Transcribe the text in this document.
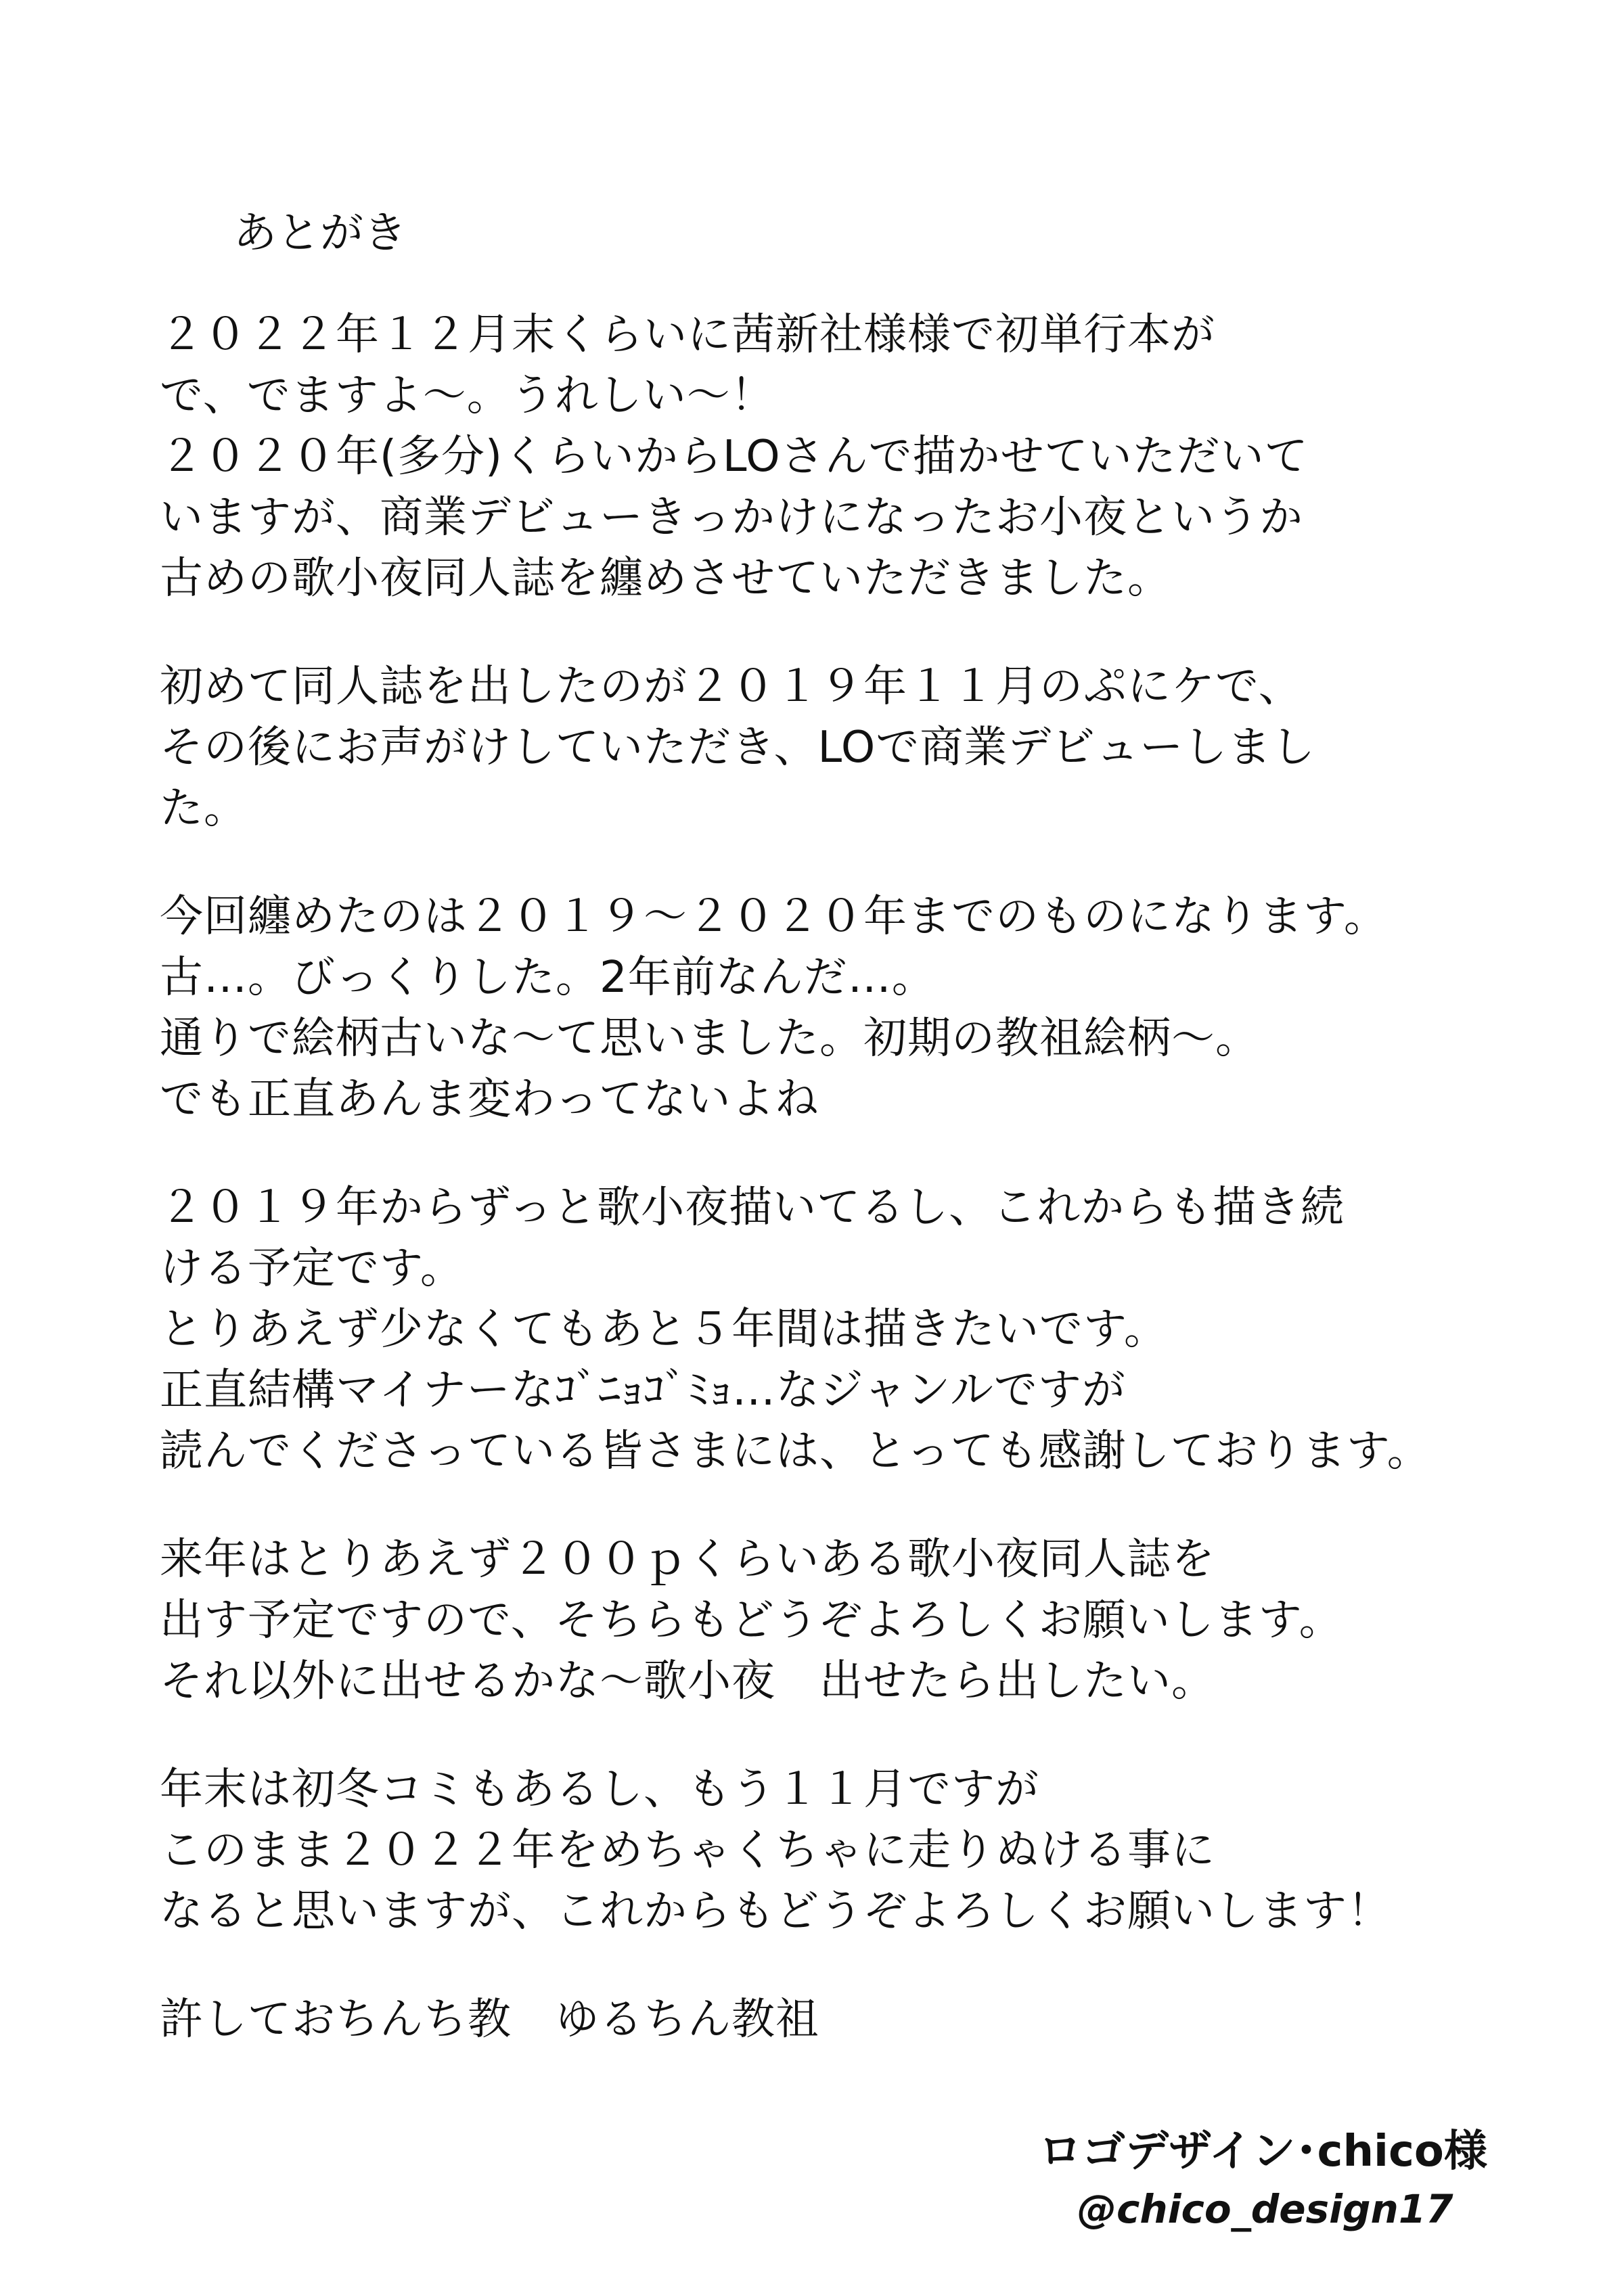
あとがき
２０２２年１２月末くらいに茜新社様様で初単行本が
で、でますよ〜。うれしい〜！
２０２０年(多分)くらいからLOさんで描かせていただいて
いますが、商業デビューきっかけになったお小夜というか
古めの歌小夜同人誌を纏めさせていただきました。
初めて同人誌を出したのが２０１９年１１月のぷにケで、
その後にお声がけしていただき、LOで商業デビューしまし
た。
今回纏めたのは２０１９〜２０２０年までのものになります。
古…。びっくりした。2年前なんだ…。
通りで絵柄古いな〜て思いました。初期の教祖絵柄〜。
でも正直あんま変わってないよね
２０１９年からずっと歌小夜描いてるし、これからも描き続
ける予定です。
とりあえず少なくてもあと５年間は描きたいです。
正直結構マイナーなｺﾞﾆｮｺﾞﾐｮ…なジャンルですが
読んでくださっている皆さまには、とっても感謝しております。
来年はとりあえず２００ｐくらいある歌小夜同人誌を
出す予定ですので、そちらもどうぞよろしくお願いします。
それ以外に出せるかな〜歌小夜　出せたら出したい。
年末は初冬コミもあるし、もう１１月ですが
このまま２０２２年をめちゃくちゃに走りぬける事に
なると思いますが、これからもどうぞよろしくお願いします！
許しておちんち教　ゆるちん教祖
ロゴデザイン･chico様
@chico_design17
